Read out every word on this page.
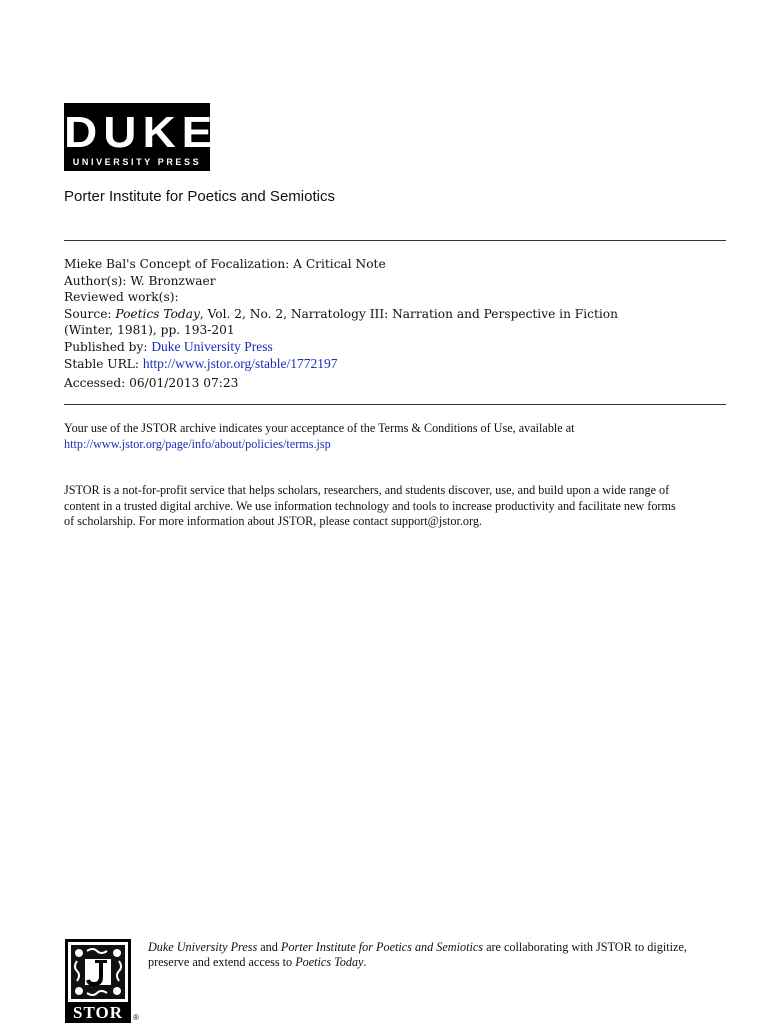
DUKE
UNIVERSITY PRESS
Porter Institute for Poetics and Semiotics
Mieke Bal's Concept of Focalization: A Critical Note
Author(s): W. Bronzwaer
Reviewed work(s):
Source: Poetics Today, Vol. 2, No. 2, Narratology III: Narration and Perspective in Fiction
(Winter, 1981), pp. 193-201
Published by: Duke University Press
Stable URL: http://www.jstor.org/stable/1772197
Accessed: 06/01/2013 07:23
Your use of the JSTOR archive indicates your acceptance of the Terms & Conditions of Use, available at
http://www.jstor.org/page/info/about/policies/terms.jsp
JSTOR is a not-for-profit service that helps scholars, researchers, and students discover, use, and build upon a wide range of
content in a trusted digital archive. We use information technology and tools to increase productivity and facilitate new forms
of scholarship. For more information about JSTOR, please contact support@jstor.org.
STOR	®
Duke University Press and Porter Institute for Poetics and Semiotics are collaborating with JSTOR to digitize,
preserve and extend access to Poetics Today.
